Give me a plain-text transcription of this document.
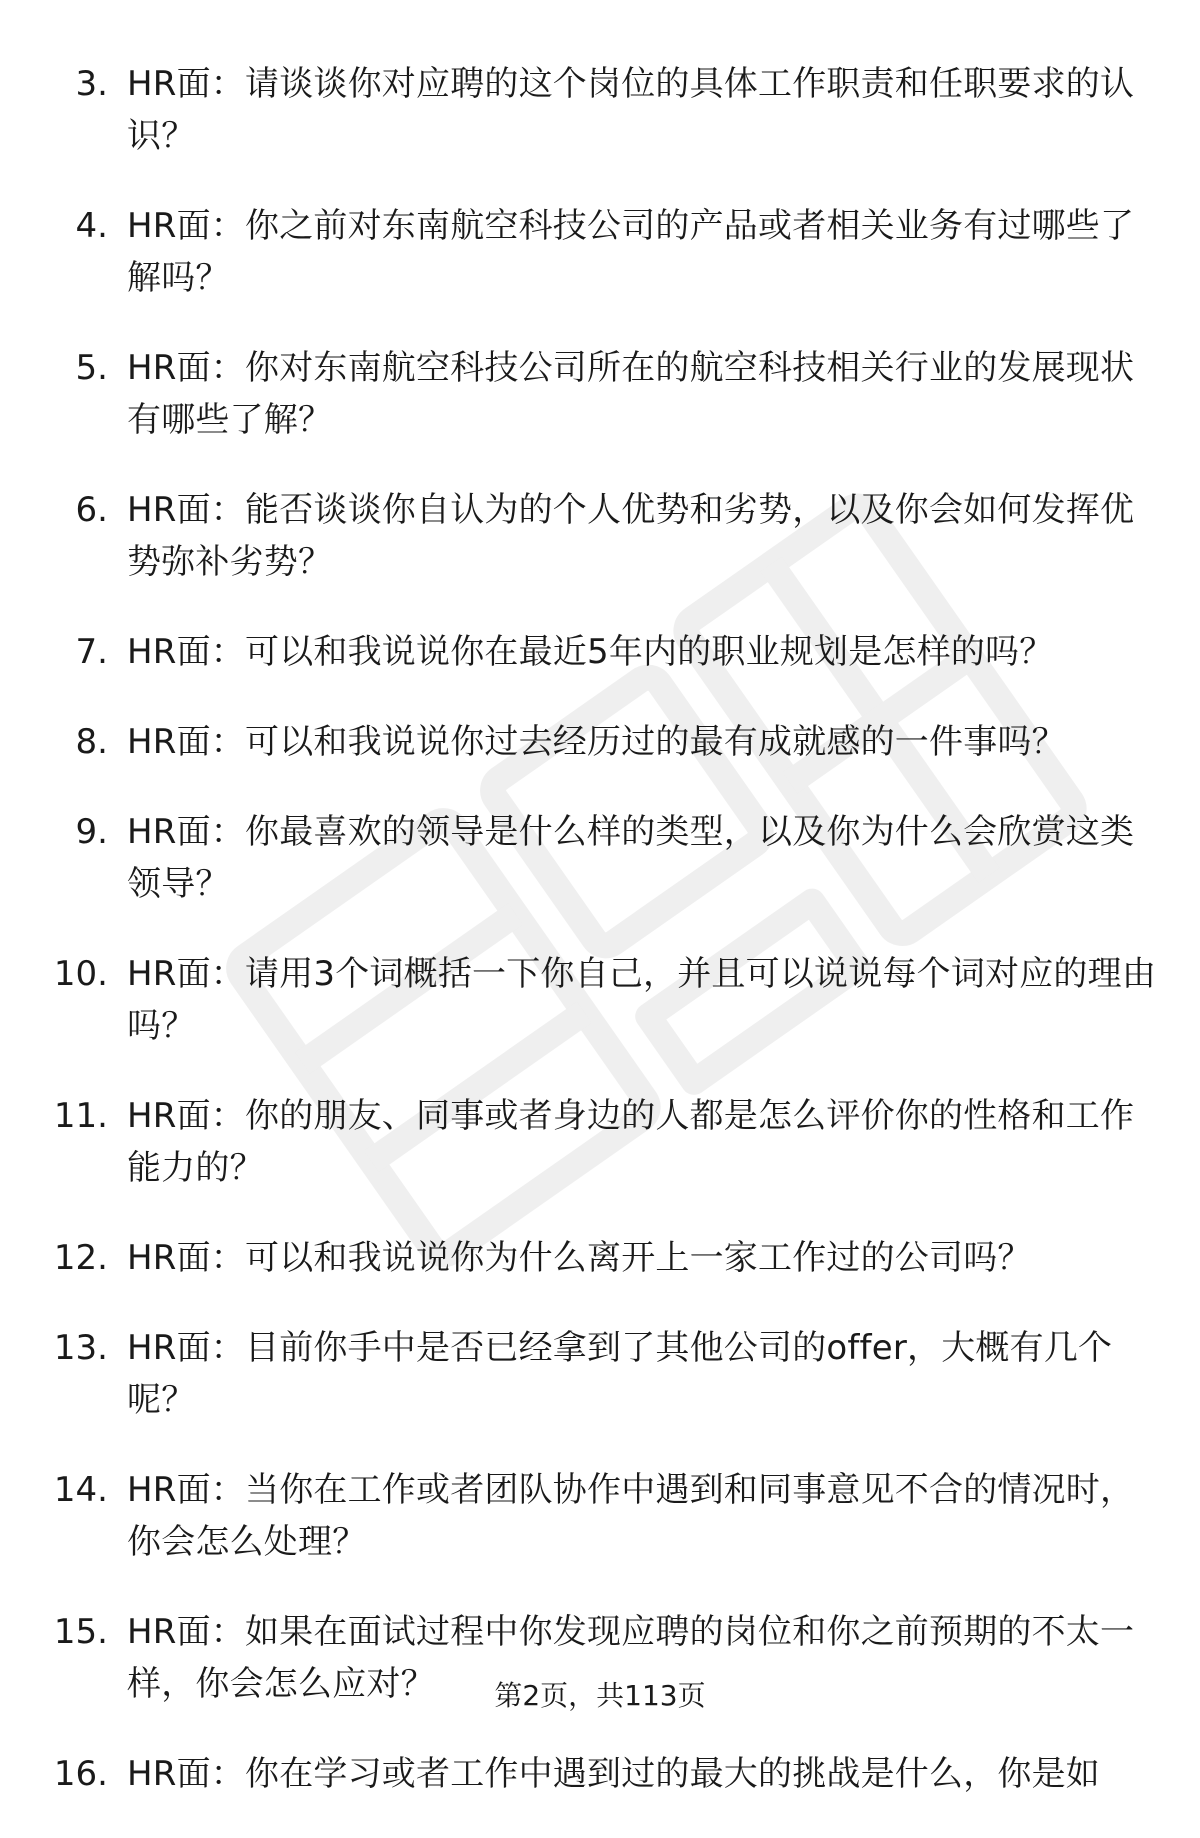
3. HR面：请谈谈你对应聘的这个岗位的具体工作职责和任职要求的认识？
4. HR面：你之前对东南航空科技公司的产品或者相关业务有过哪些了解吗？
5. HR面：你对东南航空科技公司所在的航空科技相关行业的发展现状有哪些了解？
6. HR面：能否谈谈你自认为的个人优势和劣势，以及你会如何发挥优势弥补劣势？
7. HR面：可以和我说说你在最近5年内的职业规划是怎样的吗？
8. HR面：可以和我说说你过去经历过的最有成就感的一件事吗？
9. HR面：你最喜欢的领导是什么样的类型，以及你为什么会欣赏这类领导？
10. HR面：请用3个词概括一下你自己，并且可以说说每个词对应的理由吗？
11. HR面：你的朋友、同事或者身边的人都是怎么评价你的性格和工作能力的？
12. HR面：可以和我说说你为什么离开上一家工作过的公司吗？
13. HR面：目前你手中是否已经拿到了其他公司的offer，大概有几个呢？
14. HR面：当你在工作或者团队协作中遇到和同事意见不合的情况时，你会怎么处理？
15. HR面：如果在面试过程中你发现应聘的岗位和你之前预期的不太一样，你会怎么应对？
16. HR面：你在学习或者工作中遇到过的最大的挑战是什么，你是如
第2页，共113页
